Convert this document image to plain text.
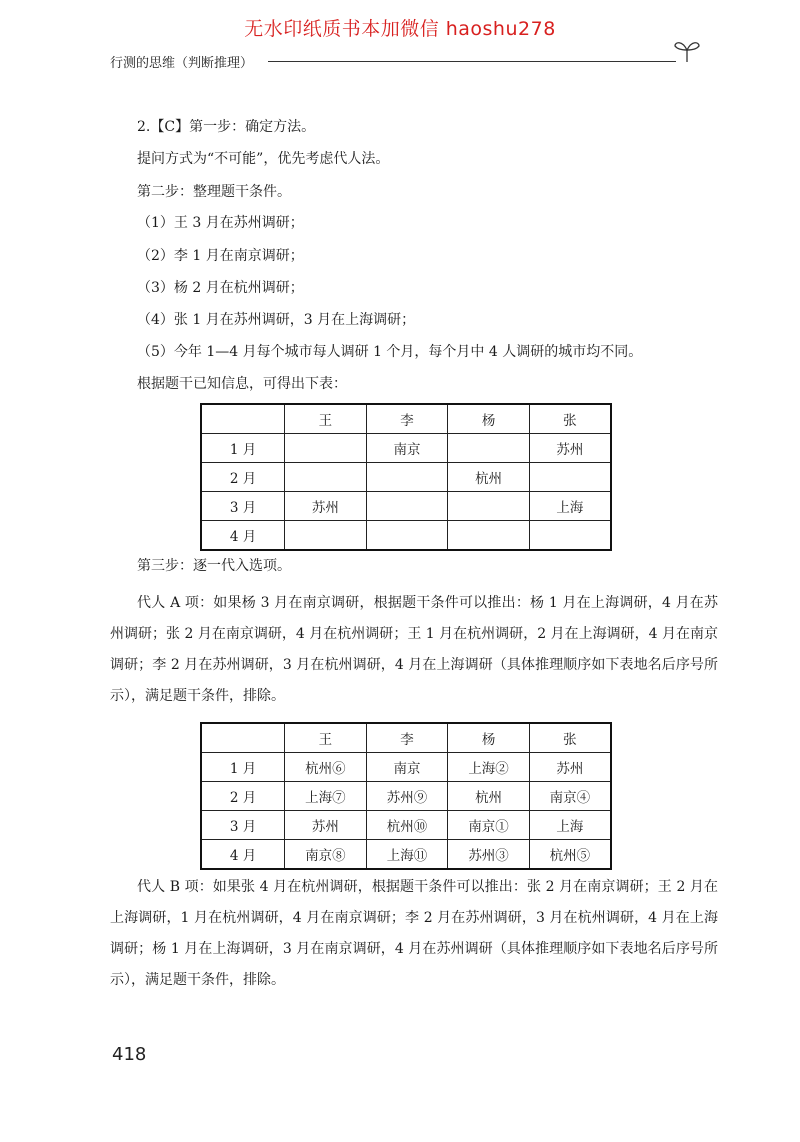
无水印纸质书本加微信 haoshu278
行测的思维（判断推理）
2.【C】第一步：确定方法。
提问方式为“不可能”，优先考虑代人法。
第二步：整理题干条件。
（1）王 3 月在苏州调研；
（2）李 1 月在南京调研；
（3）杨 2 月在杭州调研；
（4）张 1 月在苏州调研，3 月在上海调研；
（5）今年 1—4 月每个城市每人调研 1 个月，每个月中 4 人调研的城市均不同。
根据题干已知信息，可得出下表：
第三步：逐一代入选项。
代人 A 项：如果杨 3 月在南京调研，根据题干条件可以推出：杨 1 月在上海调研，4 月在苏州调研；张 2 月在南京调研，4 月在杭州调研；王 1 月在杭州调研，2 月在上海调研，4 月在南京调研；李 2 月在苏州调研，3 月在杭州调研，4 月在上海调研（具体推理顺序如下表地名后序号所示），满足题干条件，排除。
代人 B 项：如果张 4 月在杭州调研，根据题干条件可以推出：张 2 月在南京调研；王 2 月在上海调研，1 月在杭州调研，4 月在南京调研；李 2 月在苏州调研，3 月在杭州调研，4 月在上海调研；杨 1 月在上海调研，3 月在南京调研，4 月在苏州调研（具体推理顺序如下表地名后序号所示），满足题干条件，排除。
	王	李	杨	张
1 月		南京		苏州
2 月			杭州	
3 月	苏州			上海
4 月				
	王	李	杨	张
1 月	杭州⑥	南京	上海②	苏州
2 月	上海⑦	苏州⑨	杭州	南京④
3 月	苏州	杭州⑩	南京①	上海
4 月	南京⑧	上海⑪	苏州③	杭州⑤
418
